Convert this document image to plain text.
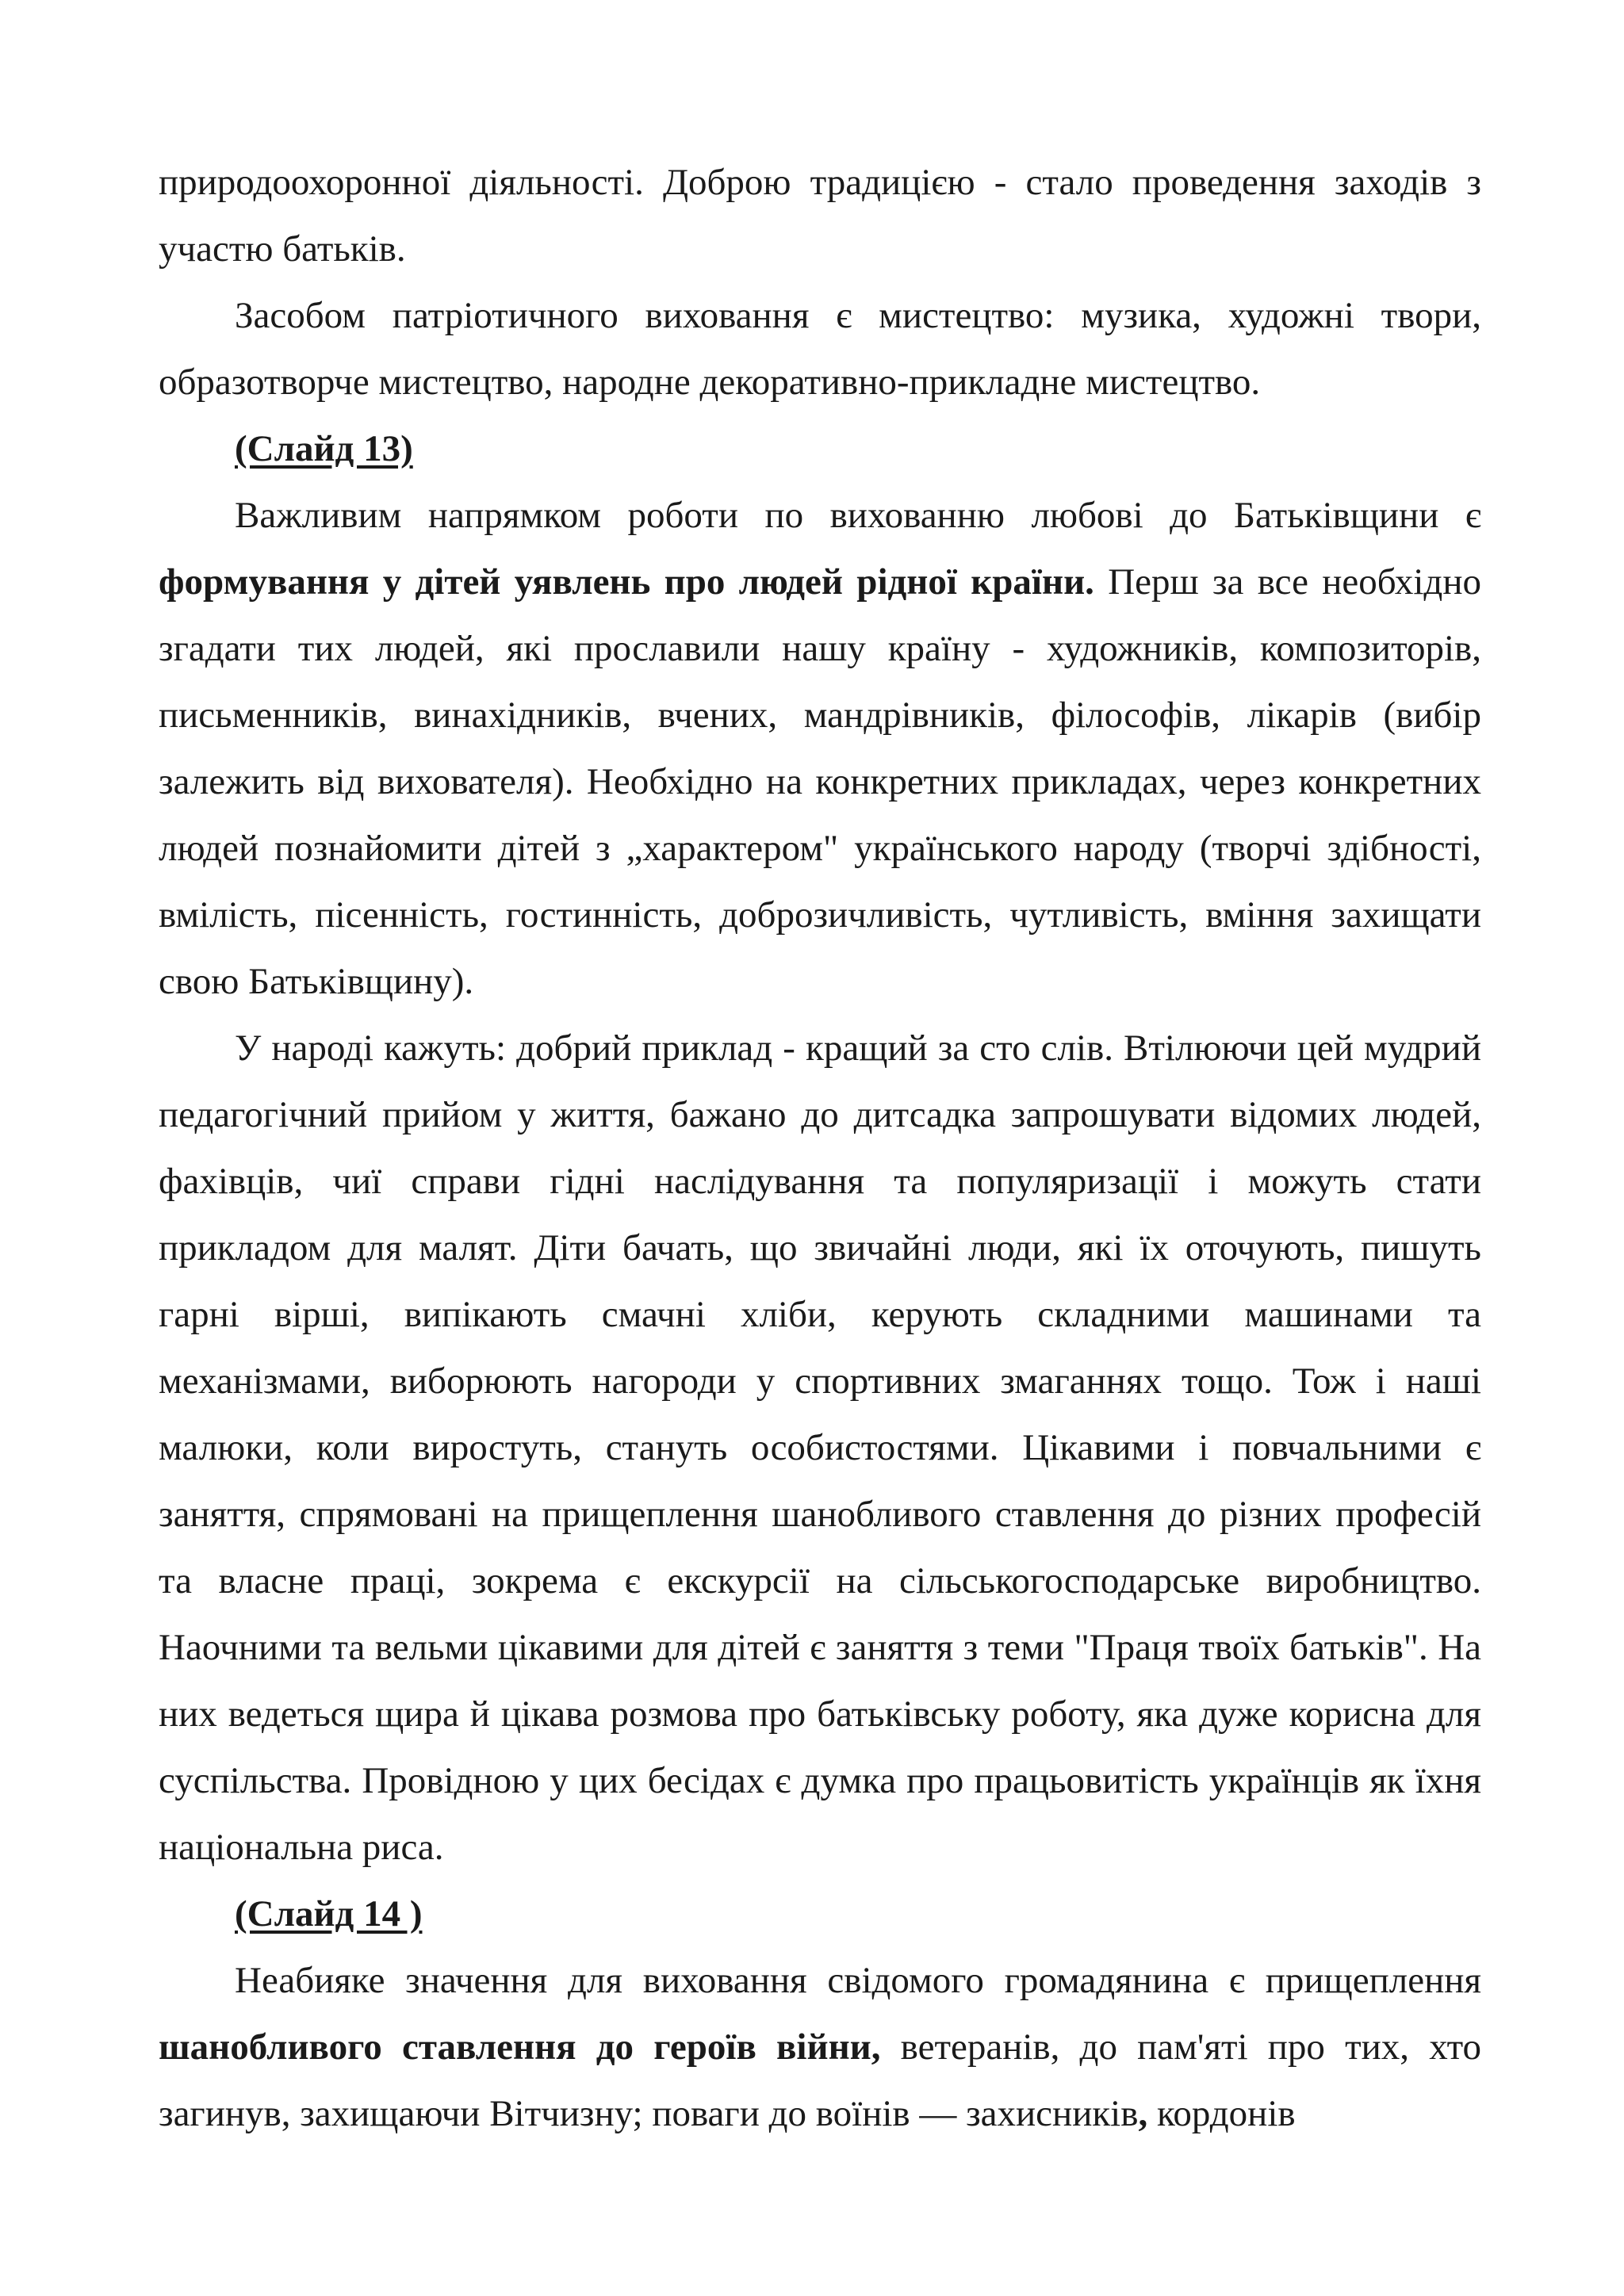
природоохоронної діяльності. Доброю традицією - стало проведення заходів з участю батьків.

Засобом патріотичного виховання є мистецтво: музика, художні твори, образотворче мистецтво, народне декоративно-прикладне мистецтво.

(Слайд 13)

Важливим напрямком роботи по вихованню любові до Батьківщини є формування у дітей уявлень про людей рідної країни. Перш за все необхідно згадати тих людей, які прославили нашу країну - художників, композиторів, письменників, винахідників, вчених, мандрівників, філософів, лікарів (вибір залежить від вихователя). Необхідно на конкретних прикладах, через конкретних людей познайомити дітей з „характером" українського народу (творчі здібності, вмілість, пісенність, гостинність, доброзичливість, чутливість, вміння захищати свою Батьківщину).

У народі кажуть: добрий приклад - кращий за сто слів. Втілюючи цей мудрий педагогічний прийом у життя, бажано до дитсадка запрошувати відомих людей, фахівців, чиї справи гідні наслідування та популяризації і можуть стати прикладом для малят. Діти бачать, що звичайні люди, які їх оточують, пишуть гарні вірші, випікають смачні хліби, керують складними машинами та механізмами, виборюють нагороди у спортивних змаганнях тощо. Тож і наші малюки, коли виростуть, стануть особистостями. Цікавими і повчальними є заняття, спрямовані на прищеплення шанобливого ставлення до різних професій та власне праці, зокрема є екскурсії на сільськогосподарське виробництво. Наочними та вельми цікавими для дітей є заняття з теми "Праця твоїх батьків". На них ведеться щира й цікава розмова про батьківську роботу, яка дуже корисна для суспільства. Провідною у цих бесідах є думка про працьовитість українців як їхня національна риса.

(Слайд 14 )

Неабияке значення для виховання свідомого громадянина є прищеплення шанобливого ставлення до героїв війни, ветеранів, до пам'яті про тих, хто загинув, захищаючи Вітчизну; поваги до воїнів — захисників, кордонів
